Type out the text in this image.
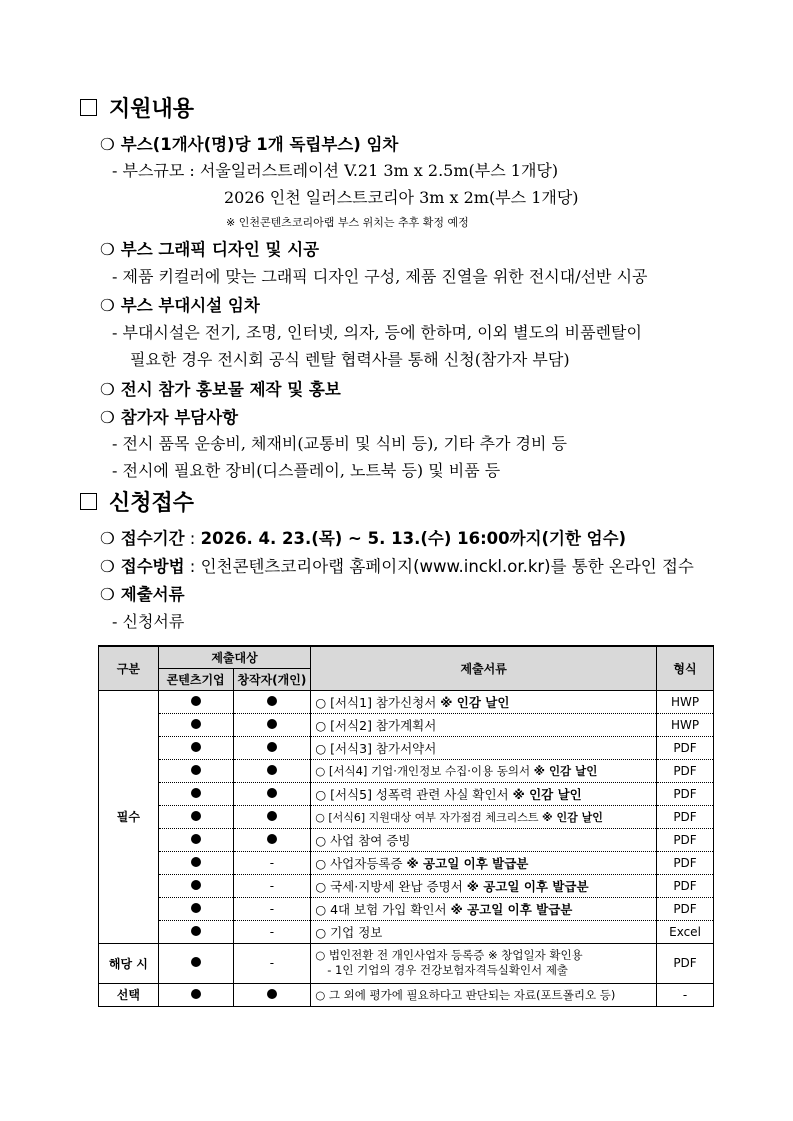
지원내용
❍ 부스(1개사(명)당 1개 독립부스) 임차
- 부스규모 : 서울일러스트레이션 V.21 3m x 2.5m(부스 1개당)
2026 인천 일러스트코리아 3m x 2m(부스 1개당)
※ 인천콘텐츠코리아랩 부스 위치는 추후 확정 예정
❍ 부스 그래픽 디자인 및 시공
- 제품 키컬러에 맞는 그래픽 디자인 구성, 제품 진열을 위한 전시대/선반 시공
❍ 부스 부대시설 임차
- 부대시설은 전기, 조명, 인터넷, 의자, 등에 한하며, 이외 별도의 비품렌탈이
필요한 경우 전시회 공식 렌탈 협력사를 통해 신청(참가자 부담)
❍ 전시 참가 홍보물 제작 및 홍보
❍ 참가자 부담사항
- 전시 품목 운송비, 체재비(교통비 및 식비 등), 기타 추가 경비 등
- 전시에 필요한 장비(디스플레이, 노트북 등) 및 비품 등
신청접수
❍ 접수기간 : 2026. 4. 23.(목) ~ 5. 13.(수) 16:00까지(기한 엄수)
❍ 접수방법 : 인천콘텐츠코리아랩 홈페이지(www.inckl.or.kr)를 통한 온라인 접수
❍ 제출서류
- 신청서류
구분	제출대상		제출서류	형식
	콘텐츠기업	창작자(개인)		
필수			○ [서식1] 참가신청서 ※ 인감 날인	HWP
			○ [서식2] 참가계획서	HWP
			○ [서식3] 참가서약서	PDF
			○ [서식4] 기업·개인정보 수집·이용 동의서 ※ 인감 날인	PDF
			○ [서식5] 성폭력 관련 사실 확인서 ※ 인감 날인	PDF
			○ [서식6] 지원대상 여부 자가점검 체크리스트 ※ 인감 날인	PDF
			○ 사업 참여 증빙	PDF
		-	○ 사업자등록증 ※ 공고일 이후 발급분	PDF
		-	○ 국세·지방세 완납 증명서 ※ 공고일 이후 발급분	PDF
		-	○ 4대 보험 가입 확인서 ※ 공고일 이후 발급분	PDF
		-	○ 기업 정보	Excel
해당 시		-	○ 법인전환 전 개인사업자 등록증 ※ 창업일자 확인용
- 1인 기업의 경우 건강보험자격득실확인서 제출	PDF
선택			○ 그 외에 평가에 필요하다고 판단되는 자료(포트폴리오 등)	-
